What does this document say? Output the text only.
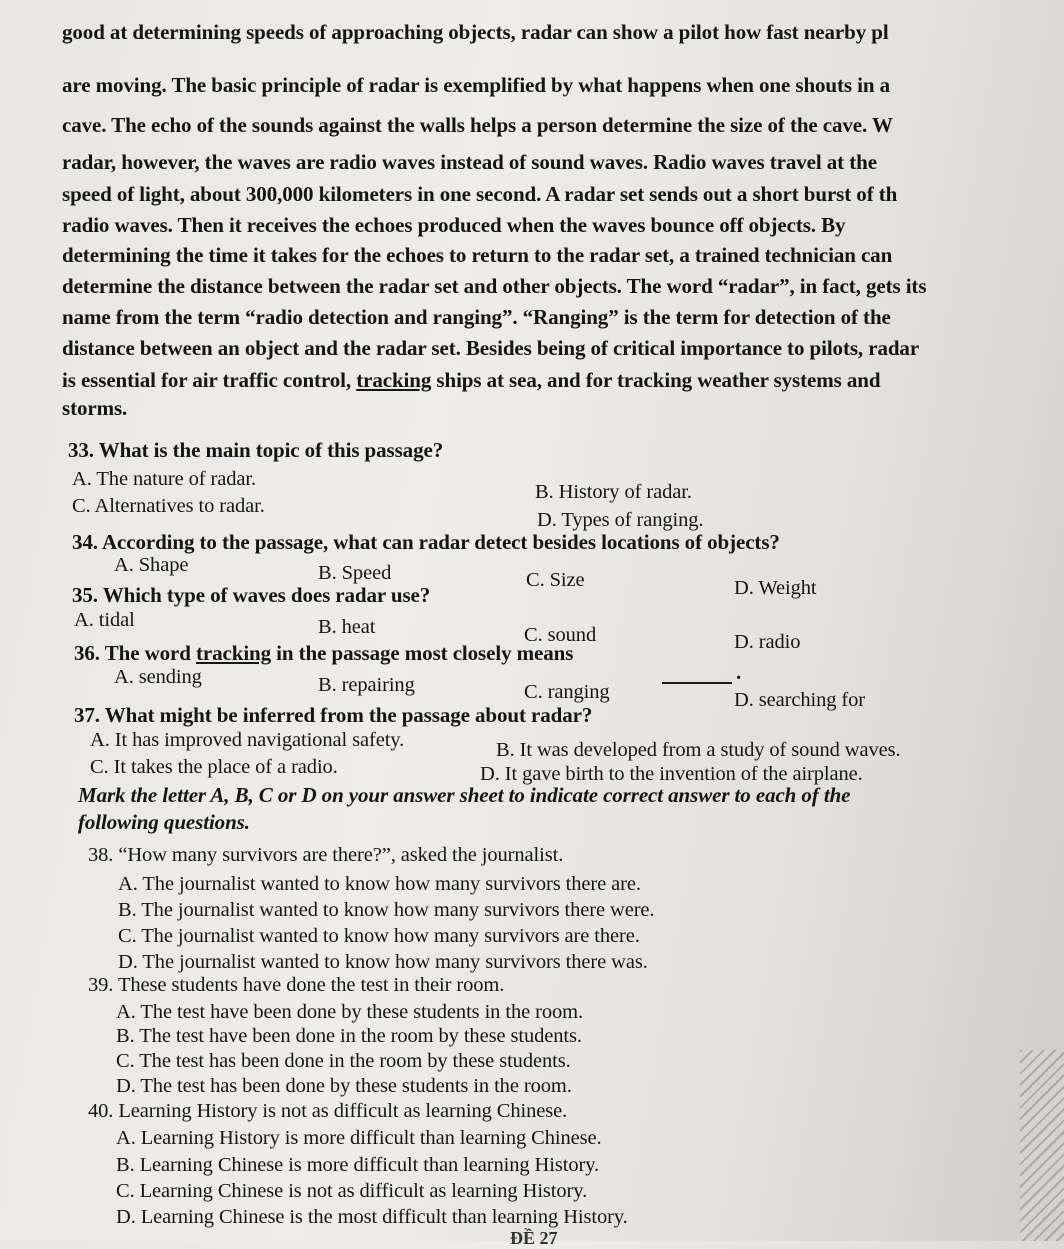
good at determining speeds of approaching objects, radar can show a pilot how fast nearby pl
are moving. The basic principle of radar is exemplified by what happens when one shouts in a
cave. The echo of the sounds against the walls helps a person determine the size of the cave. W
radar, however, the waves are radio waves instead of sound waves. Radio waves travel at the
speed of light, about 300,000 kilometers in one second. A radar set sends out a short burst of th
radio waves. Then it receives the echoes produced when the waves bounce off objects. By
determining the time it takes for the echoes to return to the radar set, a trained technician can
determine the distance between the radar set and other objects. The word “radar”, in fact, gets its
name from the term “radio detection and ranging”. “Ranging” is the term for detection of the
distance between an object and the radar set. Besides being of critical importance to pilots, radar
is essential for air traffic control, tracking ships at sea, and for tracking weather systems and
storms.
33. What is the main topic of this passage?
A. The nature of radar.
B. History of radar.
C. Alternatives to radar.
D. Types of ranging.
34. According to the passage, what can radar detect besides locations of objects?
A. Shape	B. Speed	C. Size	D. Weight
35. Which type of waves does radar use?
A. tidal	B. heat	C. sound	D. radio
36. The word tracking in the passage most closely means
.
A. sending	B. repairing	C. ranging	D. searching for
37. What might be inferred from the passage about radar?
A. It has improved navigational safety.	B. It was developed from a study of sound waves.
C. It takes the place of a radio.	D. It gave birth to the invention of the airplane.
Mark the letter A, B, C or D on your answer sheet to indicate correct answer to each of the
following questions.
38. “How many survivors are there?”, asked the journalist.
A. The journalist wanted to know how many survivors there are.
B. The journalist wanted to know how many survivors there were.
C. The journalist wanted to know how many survivors are there.
D. The journalist wanted to know how many survivors there was.
39. These students have done the test in their room.
A. The test have been done by these students in the room.
B. The test have been done in the room by these students.
C. The test has been done in the room by these students.
D. The test has been done by these students in the room.
40. Learning History is not as difficult as learning Chinese.
A. Learning History is more difficult than learning Chinese.
B. Learning Chinese is more difficult than learning History.
C. Learning Chinese is not as difficult as learning History.
D. Learning Chinese is the most difficult than learning History.
ĐỀ 27
